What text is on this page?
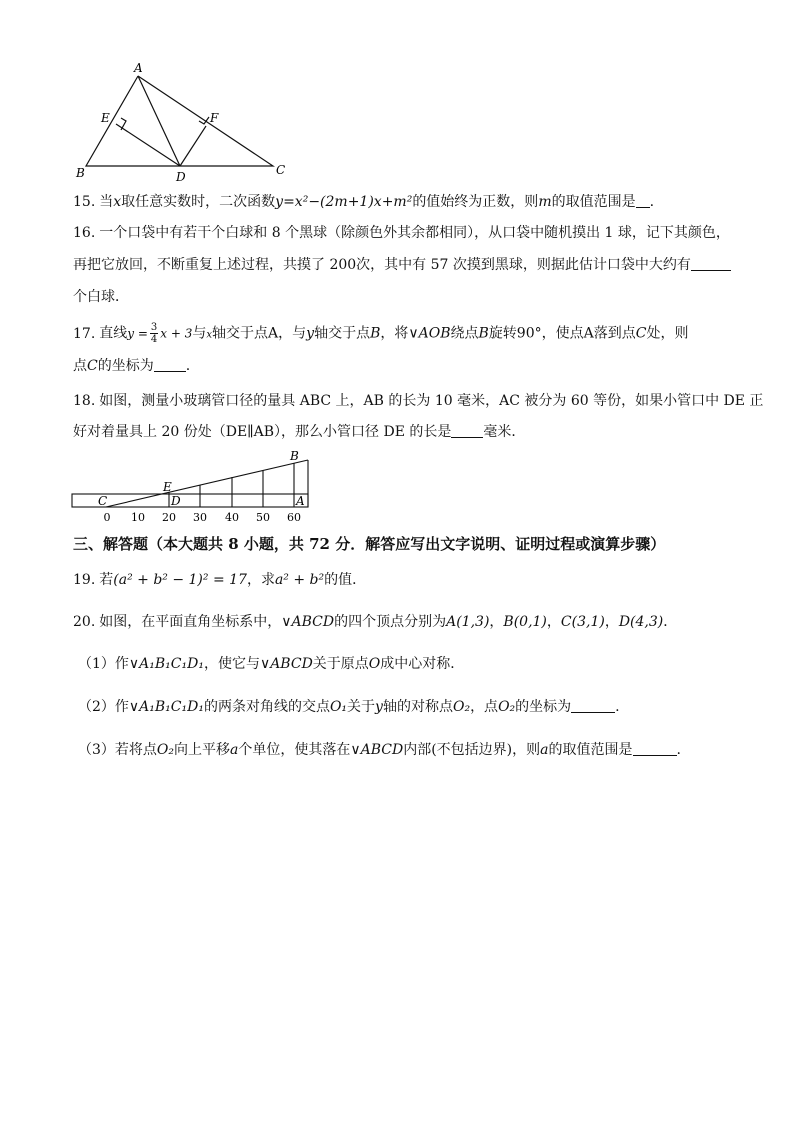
A
E	F
B	D	C
15. 当x取任意实数时，二次函数y=x²−(2m+1)x+m²的值始终为正数，则m的取值范围是 .
16. 一个口袋中有若干个白球和 8 个黑球（除颜色外其余都相同），从口袋中随机摸出 1 球，记下其颜色，
再把它放回，不断重复上述过程，共摸了 200次，其中有 57 次摸到黑球，则据此估计口袋中大约有
个白球．
17. 直线$y = \frac{3}{4}$ x + 3与x轴交于点A，与y轴交于点B，将∨AOB绕点B旋转90°，使点A落到点C处，则
点C的坐标为 .
18. 如图，测量小玻璃管口径的量具 ABC 上，AB 的长为 10 毫米，AC 被分为 60 等份，如果小管口中 DE 正
好对着量具上 20 份处（DE∥AB），那么小管口径 DE 的长是 毫米．
B
E
C	D	A
0 10 20 30 40 50 60
三、解答题（本大题共 8 小题，共 72 分．解答应写出文字说明、证明过程或演算步骤）
19. 若(a² + b² − 1)² = 17，求a² + b²的值．
20. 如图，在平面直角坐标系中，∨ABCD的四个顶点分别为A(1,3)，B(0,1)，C(3,1)，D(4,3)．
（1）作∨A₁B₁C₁D₁，使它与∨ABCD关于原点O成中心对称．
（2）作∨A₁B₁C₁D₁的两条对角线的交点O₁关于y轴的对称点O₂，点O₂的坐标为	.
（3）若将点O₂向上平移a个单位，使其落在∨ABCD内部(不包括边界)，则a的取值范围是	.
